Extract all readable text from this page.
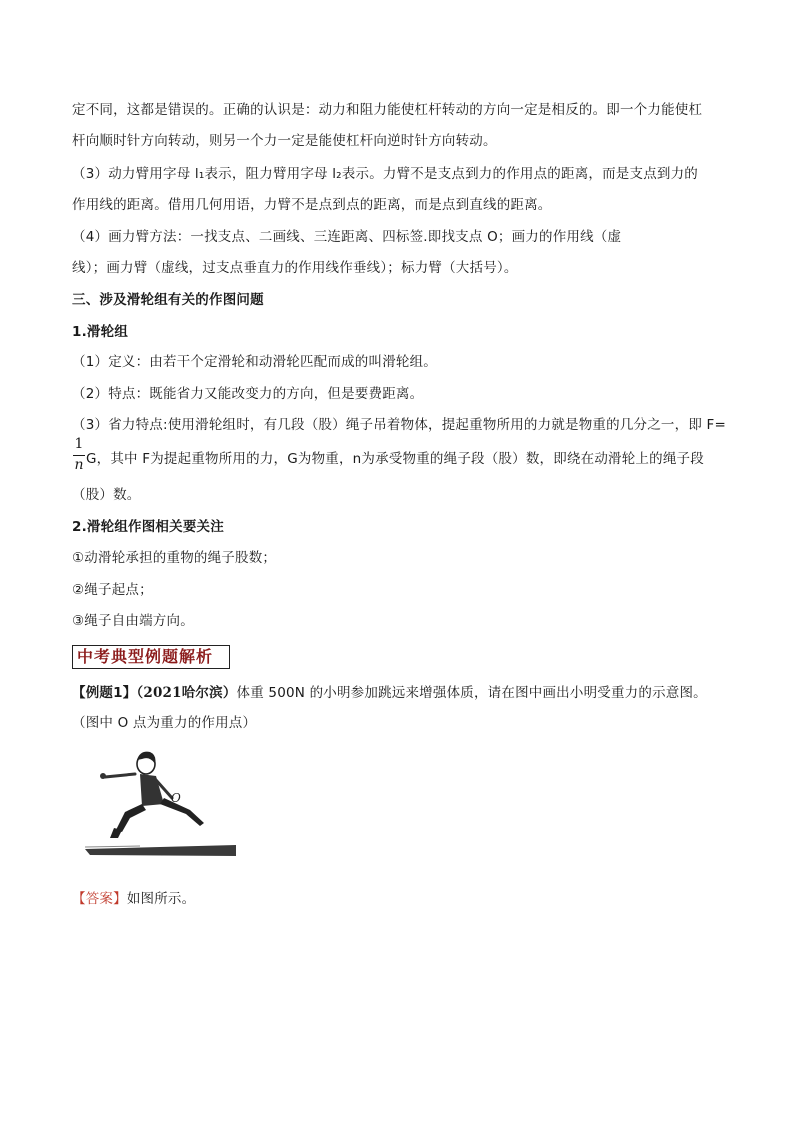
定不同，这都是错误的。正确的认识是：动力和阻力能使杠杆转动的方向一定是相反的。即一个力能使杠
杆向顺时针方向转动，则另一个力一定是能使杠杆向逆时针方向转动。
（3）动力臂用字母 l₁表示，阻力臂用字母 l₂表示。力臂不是支点到力的作用点的距离，而是支点到力的
作用线的距离。借用几何用语，力臂不是点到点的距离，而是点到直线的距离。
（4）画力臂方法：一找支点、二画线、三连距离、四标签.即找支点 O；画力的作用线（虚
线）；画力臂（虚线，过支点垂直力的作用线作垂线）；标力臂（大括号）。
三、涉及滑轮组有关的作图问题
1.滑轮组
（1）定义：由若干个定滑轮和动滑轮匹配而成的叫滑轮组。
（2）特点：既能省力又能改变力的方向，但是要费距离。
（3）省力特点:使用滑轮组时，有几段（股）绳子吊着物体，提起重物所用的力就是物重的几分之一，即 F=
1
n G，其中 F为提起重物所用的力，G为物重，n为承受物重的绳子段（股）数，即绕在动滑轮上的绳子段
（股）数。
2.滑轮组作图相关要关注
①动滑轮承担的重物的绳子股数；
②绳子起点；
③绳子自由端方向。
中考典型例题解析
【例题1】（2021哈尔滨）体重 500N 的小明参加跳远来增强体质，请在图中画出小明受重力的示意图。
（图中 O 点为重力的作用点）
O
【答案】如图所示。
